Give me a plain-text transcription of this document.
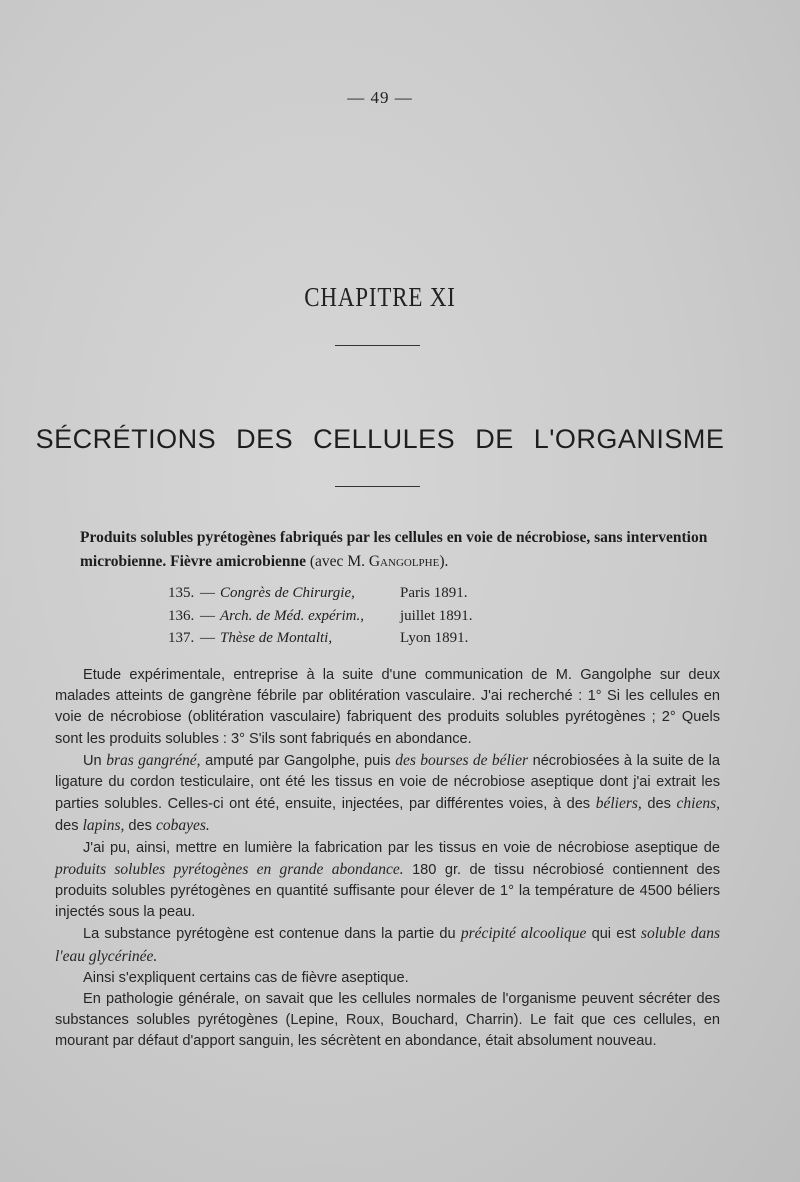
— 49 —
CHAPITRE XI
SÉCRÉTIONS DES CELLULES DE L'ORGANISME
Produits solubles pyrétogènes fabriqués par les cellules en voie de nécrobiose, sans intervention microbienne. Fièvre amicrobienne (avec M. Gangolphe).
135. — Congrès de Chirurgie,	Paris 1891.
136. — Arch. de Méd. expérim.,	juillet 1891.
137. — Thèse de Montalti,	Lyon 1891.

Etude expérimentale, entreprise à la suite d'une communication de M. Gangolphe sur deux malades atteints de gangrène fébrile par oblitération vasculaire. J'ai recherché : 1° Si les cellules en voie de nécrobiose (oblitération vasculaire) fabriquent des produits solubles pyrétogènes ; 2° Quels sont les produits solubles : 3° S'ils sont fabriqués en abondance.

Un bras gangréné, amputé par Gangolphe, puis des bourses de bélier nécrobiosées à la suite de la ligature du cordon testiculaire, ont été les tissus en voie de nécrobiose aseptique dont j'ai extrait les parties solubles. Celles-ci ont été, ensuite, injectées, par différentes voies, à des béliers, des chiens, des lapins, des cobayes.

J'ai pu, ainsi, mettre en lumière la fabrication par les tissus en voie de nécrobiose aseptique de produits solubles pyrétogènes en grande abondance. 180 gr. de tissu nécrobiosé contiennent des produits solubles pyrétogènes en quantité suffisante pour élever de 1° la température de 4500 béliers injectés sous la peau.

La substance pyrétogène est contenue dans la partie du précipité alcoolique qui est soluble dans l'eau glycérinée.

Ainsi s'expliquent certains cas de fièvre aseptique.

En pathologie générale, on savait que les cellules normales de l'organisme peuvent sécréter des substances solubles pyrétogènes (Lepine, Roux, Bouchard, Charrin). Le fait que ces cellules, en mourant par défaut d'apport sanguin, les sécrètent en abondance, était absolument nouveau.
